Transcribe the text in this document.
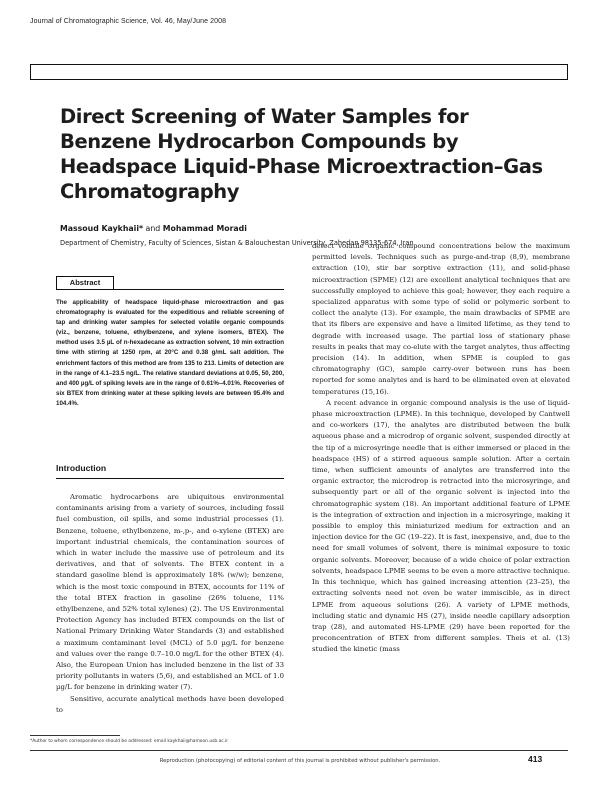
Journal of Chromatographic Science, Vol. 46, May/June 2008
Direct Screening of Water Samples for Benzene Hydrocarbon Compounds by Headspace Liquid-Phase Microextraction–Gas Chromatography
Massoud Kaykhaii* and Mohammad Moradi
Department of Chemistry, Faculty of Sciences, Sistan & Balouchestan University, Zahedan 98135-674, Iran
Abstract

The applicability of headspace liquid-phase microextraction and gas chromatography is evaluated for the expeditious and reliable screening of tap and drinking water samples for selected volatile organic compounds (viz., benzene, toluene, ethylbenzene, and xylene isomers, BTEX). The method uses 3.5 µL of n-hexadecane as extraction solvent, 10 min extraction time with stirring at 1250 rpm, at 20°C and 0.38 g/mL salt addition. The enrichment factors of this method are from 135 to 213. Limits of detection are in the range of 4.1–23.5 ng/L. The relative standard deviations at 0.05, 50, 200, and 400 µg/L of spiking levels are in the range of 0.61%–4.01%. Recoveries of six BTEX from drinking water at these spiking levels are between 95.4% and 104.4%.

Introduction

Aromatic hydrocarbons are ubiquitous environmental contaminants arising from a variety of sources, including fossil fuel combustion, oil spills, and some industrial processes (1). Benzene, toluene, ethylbenzene, m-,p-, and o-xylene (BTEX) are important industrial chemicals, the contamination sources of which in water include the massive use of petroleum and its derivatives, and that of solvents. The BTEX content in a standard gasoline blend is approximately 18% (w/w); benzene, which is the most toxic compound in BTEX, accounts for 11% of the total BTEX fraction in gasoline (26% toluene, 11% ethylbenzene, and 52% total xylenes) (2). The US Environmental Protection Agency has included BTEX compounds on the list of National Primary Drinking Water Standards (3) and established a maximum contaminant level (MCL) of 5.0 µg/L for benzene and values over the range 0.7–10.0 mg/L for the other BTEX (4). Also, the European Union has included benzene in the list of 33 priority pollutants in waters (5,6), and established an MCL of 1.0 µg/L for benzene in drinking water (7).

Sensitive, accurate analytical methods have been developed to

detect volatile organic compound concentrations below the maximum permitted levels. Techniques such as purge-and-trap (8,9), membrane extraction (10), stir bar sorptive extraction (11), and solid-phase microextraction (SPME) (12) are excellent analytical techniques that are successfully employed to achieve this goal; however, they each require a specialized apparatus with some type of solid or polymeric sorbent to collect the analyte (13). For example, the main drawbacks of SPME are that its fibers are expensive and have a limited lifetime, as they tend to degrade with increased usage. The partial loss of stationary phase results in peaks that may co-elute with the target analytes, thus affecting precision (14). In addition, when SPME is coupled to gas chromatography (GC), sample carry-over between runs has been reported for some analytes and is hard to be eliminated even at elevated temperatures (15,16).

A recent advance in organic compound analysis is the use of liquid-phase microextraction (LPME). In this technique, developed by Cantwell and co-workers (17), the analytes are distributed between the bulk aqueous phase and a microdrop of organic solvent, suspended directly at the tip of a microsyringe needle that is either immersed or placed in the headspace (HS) of a stirred aqueous sample solution. After a certain time, when sufficient amounts of analytes are transferred into the organic extractor, the microdrop is retracted into the microsyringe, and subsequently part or all of the organic solvent is injected into the chromatographic system (18). An important additional feature of LPME is the integration of extraction and injection in a microsyringe, making it possible to employ this miniaturized medium for extraction and an injection device for the GC (19–22). It is fast, inexpensive, and, due to the need for small volumes of solvent, there is minimal exposure to toxic organic solvents. Moreover, because of a wide choice of polar extraction solvents, headspace LPME seems to be even a more attractive technique. In this technique, which has gained increasing attention (23–25), the extracting solvents need not even be water immiscible, as in direct LPME from aqueous solutions (26). A variety of LPME methods, including static and dynamic HS (27), inside needle capillary adsorption trap (28), and automated HS-LPME (29) have been reported for the preconcentration of BTEX from different samples. Theis et al. (13) studied the kinetic (mass

*Author to whom correspondence should be addressed: email kaykhaii@hamoon.usb.ac.ir
Reproduction (photocopying) of editorial content of this journal is prohibited without publisher's permission.	413
